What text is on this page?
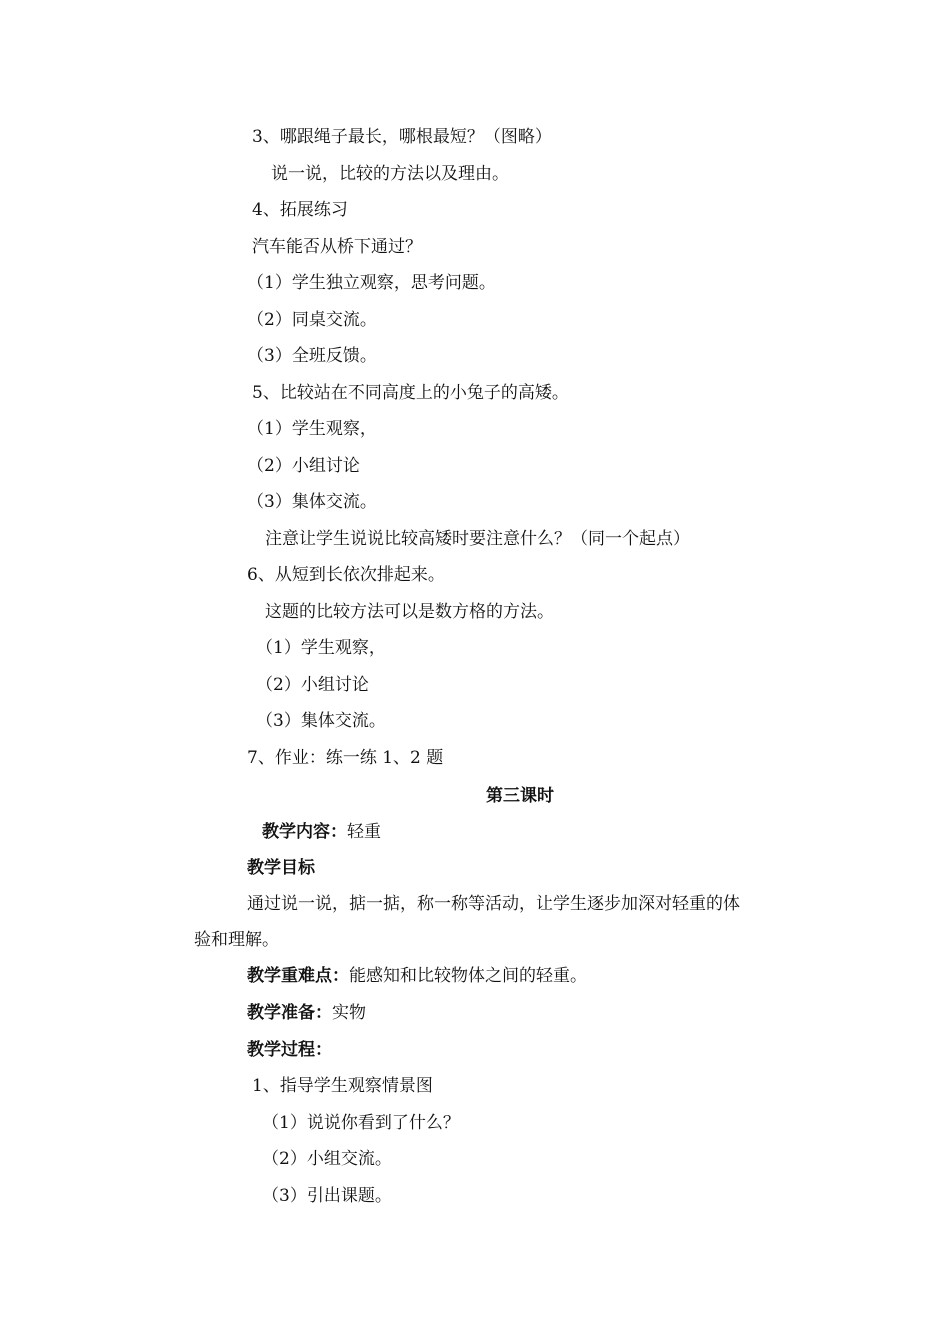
3、哪跟绳子最长，哪根最短？（图略）
说一说，比较的方法以及理由。
4、拓展练习
汽车能否从桥下通过？
（1）学生独立观察，思考问题。
（2）同桌交流。
（3）全班反馈。
5、比较站在不同高度上的小兔子的高矮。
（1）学生观察，
（2）小组讨论
（3）集体交流。
注意让学生说说比较高矮时要注意什么？（同一个起点）
6、从短到长依次排起来。
这题的比较方法可以是数方格的方法。
（1）学生观察，
（2）小组讨论
（3）集体交流。
7、作业：练一练 1、2 题
第三课时
教学内容：轻重
教学目标
通过说一说，掂一掂，称一称等活动，让学生逐步加深对轻重的体
验和理解。
教学重难点：能感知和比较物体之间的轻重。
教学准备：实物
教学过程：
1、指导学生观察情景图
（1）说说你看到了什么？
（2）小组交流。
（3）引出课题。
